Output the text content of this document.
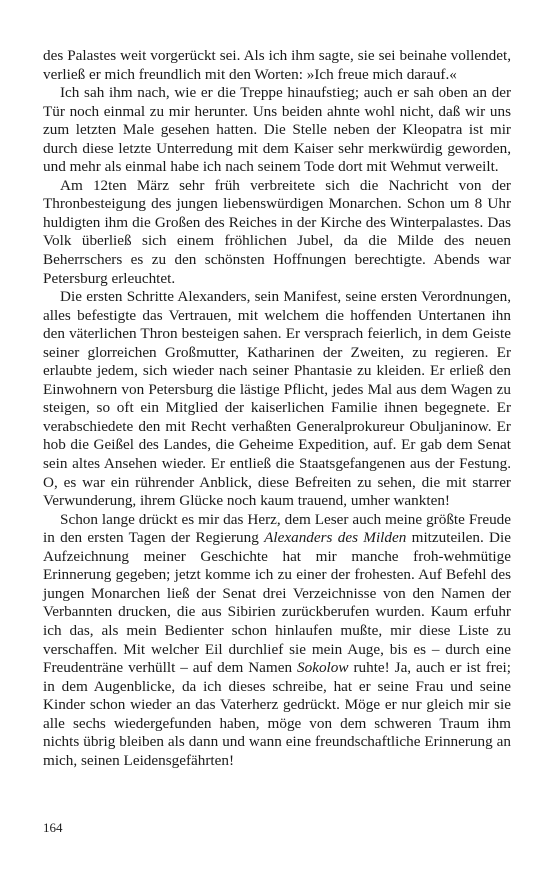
des Palastes weit vorgerückt sei. Als ich ihm sagte, sie sei beinahe vollendet, verließ er mich freundlich mit den Worten: »Ich freue mich darauf.«

Ich sah ihm nach, wie er die Treppe hinaufstieg; auch er sah oben an der Tür noch einmal zu mir herunter. Uns beiden ahnte wohl nicht, daß wir uns zum letzten Male gesehen hatten. Die Stelle neben der Kleopatra ist mir durch diese letzte Unterredung mit dem Kaiser sehr merkwürdig geworden, und mehr als einmal habe ich nach seinem Tode dort mit Wehmut verweilt.

Am 12ten März sehr früh verbreitete sich die Nachricht von der Thronbesteigung des jungen liebenswürdigen Monarchen. Schon um 8 Uhr huldigten ihm die Großen des Reiches in der Kirche des Winterpalastes. Das Volk überließ sich einem fröhlichen Jubel, da die Milde des neuen Beherrschers es zu den schönsten Hoffnungen berechtigte. Abends war Petersburg erleuchtet.

Die ersten Schritte Alexanders, sein Manifest, seine ersten Verordnungen, alles befestigte das Vertrauen, mit welchem die hoffenden Untertanen ihn den väterlichen Thron besteigen sahen. Er versprach feierlich, in dem Geiste seiner glorreichen Großmutter, Katharinen der Zweiten, zu regieren. Er erlaubte jedem, sich wieder nach seiner Phantasie zu kleiden. Er erließ den Einwohnern von Petersburg die lästige Pflicht, jedes Mal aus dem Wagen zu steigen, so oft ein Mitglied der kaiserlichen Familie ihnen begegnete. Er verabschiedete den mit Recht verhaßten Generalprokureur Obuljaninow. Er hob die Geißel des Landes, die Geheime Expedition, auf. Er gab dem Senat sein altes Ansehen wieder. Er entließ die Staatsgefangenen aus der Festung. O, es war ein rührender Anblick, diese Befreiten zu sehen, die mit starrer Verwunderung, ihrem Glücke noch kaum trauend, umher wankten!

Schon lange drückt es mir das Herz, dem Leser auch meine größte Freude in den ersten Tagen der Regierung Alexanders des Milden mitzuteilen. Die Aufzeichnung meiner Geschichte hat mir manche froh-wehmütige Erinnerung gegeben; jetzt komme ich zu einer der frohesten. Auf Befehl des jungen Monarchen ließ der Senat drei Verzeichnisse von den Namen der Verbannten drucken, die aus Sibirien zurückberufen wurden. Kaum erfuhr ich das, als mein Bedienter schon hinlaufen mußte, mir diese Liste zu verschaffen. Mit welcher Eil durchlief sie mein Auge, bis es – durch eine Freudenträne verhüllt – auf dem Namen Sokolow ruhte! Ja, auch er ist frei; in dem Augenblicke, da ich dieses schreibe, hat er seine Frau und seine Kinder schon wieder an das Vaterherz gedrückt. Möge er nur gleich mir sie alle sechs wiedergefunden haben, möge von dem schweren Traum ihm nichts übrig bleiben als dann und wann eine freundschaftliche Erinnerung an mich, seinen Leidensgefährten!

164
